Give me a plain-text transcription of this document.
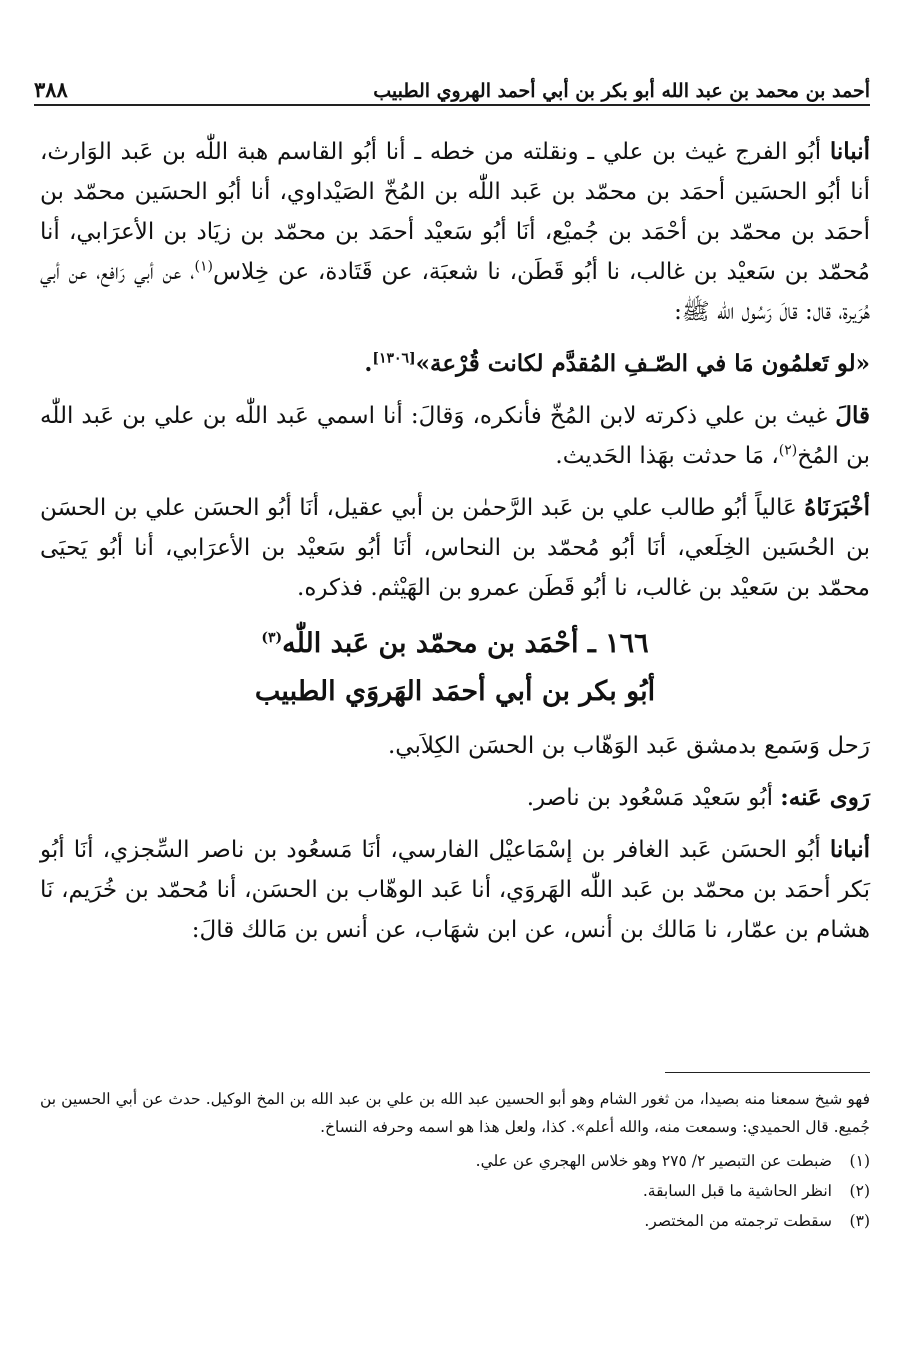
أحمد بن محمد بن عبد الله أبو بكر بن أبي أحمد الهروي الطبيب
٣٨٨

أنبانا أبُو الفرج غيث بن علي ـ ونقلته من خطه ـ أنا أبُو القاسم هبة اللّٰه بن عَبد الوَارث، أنا أبُو الحسَين أحمَد بن محمّد بن عَبد اللّٰه بن المُخّ الصَيْداوي، أنا أبُو الحسَين محمّد بن أحمَد بن محمّد بن أحْمَد بن جُميْع، أنَا أبُو سَعيْد أحمَد بن محمّد بن زيَاد بن الأعرَابي، أنا مُحمّد بن سَعيْد بن غالب، نا أبُو قَطَن، نا شعبَة، عن قَتَادة، عن خِلاس$^{(١)}$، عن أبي رَافع، عن أبي هُرَيرة، قال: قالَ رَسُول الله ﷺ:

«لو تَعلمُون مَا في الصّـفِ المُقدَّم لكانت قُرْعة»[١٣٠٦].

قالَ غيث بن علي ذكرته لابن المُخّ فأنكره، وَقالَ: أنا اسمي عَبد اللّٰه بن علي بن عَبد اللّٰه بن المُخ$^{(٢)}$، مَا حدثت بهَذا الحَديث.

أخْبَرَنَاهُ عَالياً أبُو طالب علي بن عَبد الرَّحمٰن بن أبي عقيل، أنَا أبُو الحسَن علي بن الحسَن بن الحُسَين الخِلَعي، أنَا أبُو مُحمّد بن النحاس، أنَا أبُو سَعيْد بن الأعرَابي، أنا أبُو يَحيَى محمّد بن سَعيْد بن غالب، نا أبُو قَطَن عمرو بن الهَيْثم. فذكره.

١٦٦ ـ أحْمَد بن محمّد بن عَبد اللّٰه$^{(٣)}$

أبُو بكر بن أبي أحمَد الهَروَي الطبيب

رَحل وَسَمع بدمشق عَبد الوَهّاب بن الحسَن الكِلاَبي.

رَوى عَنه: أبُو سَعيْد مَسْعُود بن ناصر.

أنبانا أبُو الحسَن عَبد الغافر بن إسْمَاعيْل الفارسي، أنَا مَسعُود بن ناصر السِّجزي، أنَا أبُو بَكر أحمَد بن محمّد بن عَبد اللّٰه الهَروَي، أنا عَبد الوهّاب بن الحسَن، أنا مُحمّد بن خُرَيم، نَا هشام بن عمّار، نا مَالك بن أنس، عن ابن شهَاب، عن أنس بن مَالك قالَ:

فهو شيخ سمعنا منه بصيدا، من ثغور الشام وهو أبو الحسين عبد الله بن علي بن عبد الله بن المخ الوكيل. حدث عن أبي الحسين بن جُميع. قال الحميدي: وسمعت منه، والله أعلم». كذا، ولعل هذا هو اسمه وحرفه النساخ.

(١)
ضبطت عن التبصير ٢/ ٢٧٥ وهو خلاس الهجري عن علي.
(٢)
انظر الحاشية ما قبل السابقة.
(٣)
سقطت ترجمته من المختصر.
